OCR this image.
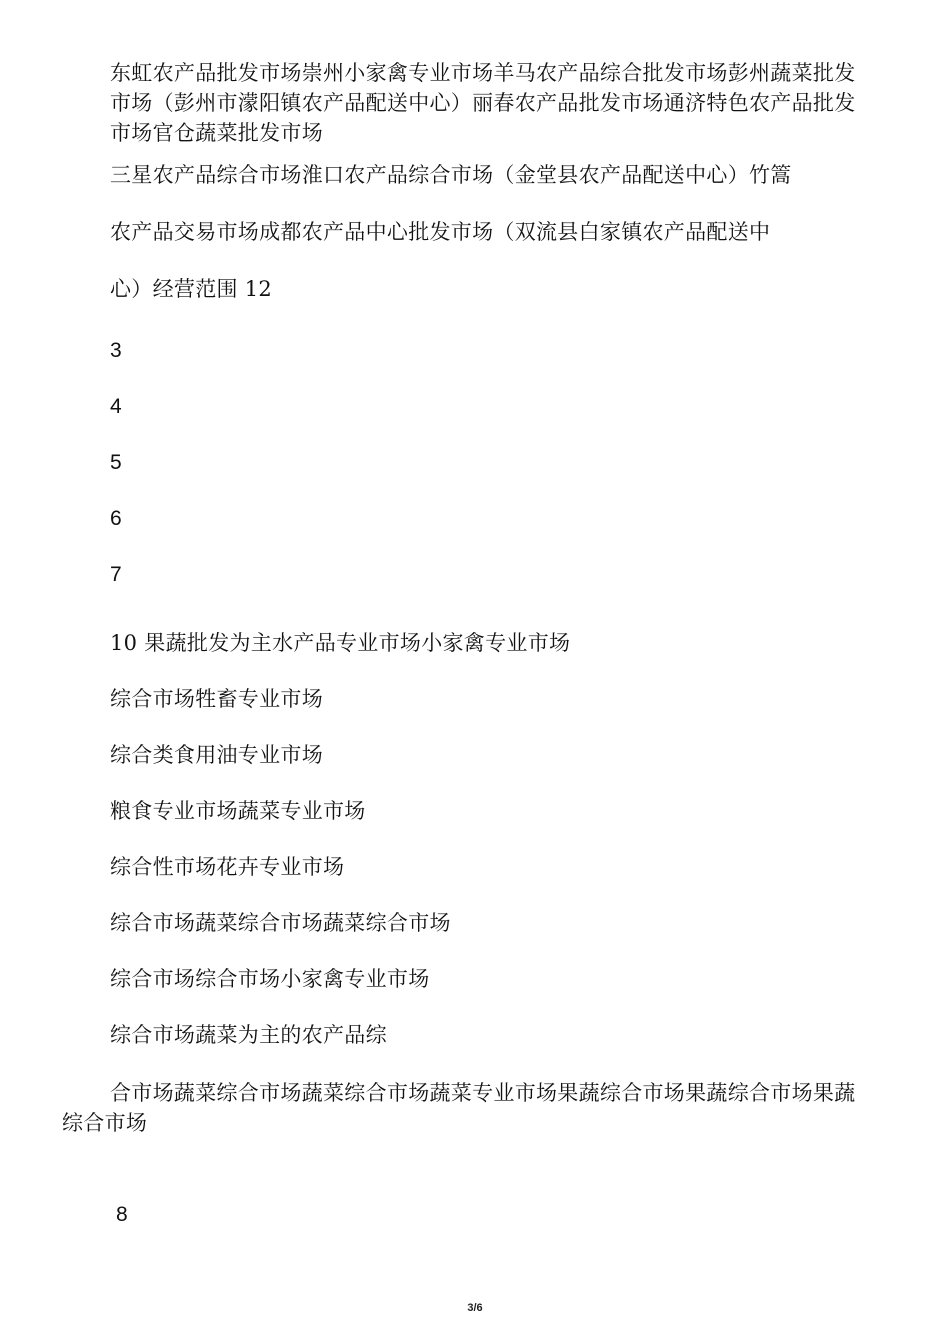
东虹农产品批发市场崇州小家禽专业市场羊马农产品综合批发市场彭州蔬菜批发市场（彭州市濛阳镇农产品配送中心）丽春农产品批发市场通济特色农产品批发市场官仓蔬菜批发市场
三星农产品综合市场淮口农产品综合市场（金堂县农产品配送中心）竹篙
农产品交易市场成都农产品中心批发市场（双流县白家镇农产品配送中
心）经营范围 12
3
4
5
6
7
10 果蔬批发为主水产品专业市场小家禽专业市场
综合市场牲畜专业市场
综合类食用油专业市场
粮食专业市场蔬菜专业市场
综合性市场花卉专业市场
综合市场蔬菜综合市场蔬菜综合市场
综合市场综合市场小家禽专业市场
综合市场蔬菜为主的农产品综
合市场蔬菜综合市场蔬菜综合市场蔬菜专业市场果蔬综合市场果蔬综合市场果蔬综合市场
8
3/6
